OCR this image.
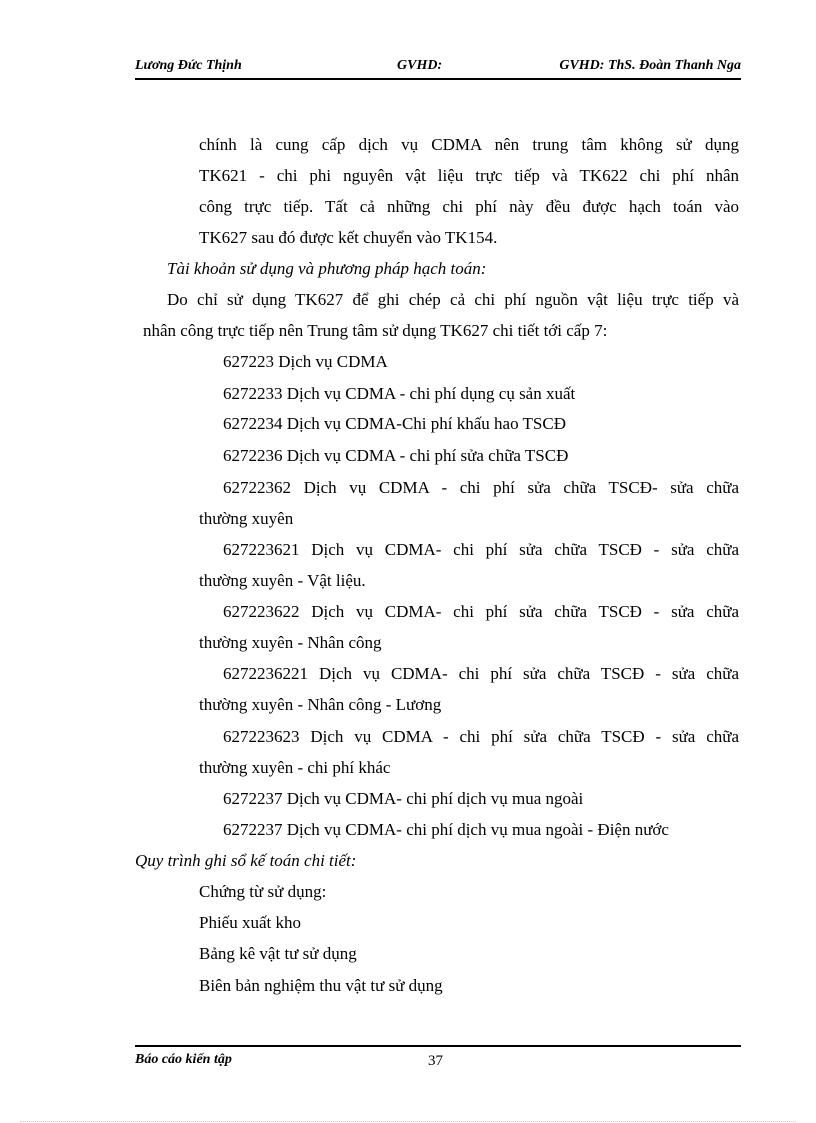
Lương Đức Thịnh	GVHD:	GVHD: ThS. Đoàn Thanh Nga
chính là cung cấp dịch vụ CDMA nên trung tâm không sử dụng
TK621 - chi phi nguyên vật liệu trực tiếp và TK622 chi phí nhân
công trực tiếp. Tất cả những chi phí này đều được hạch toán vào
TK627 sau đó được kết chuyển vào TK154.
Tài khoản sử dụng và phương pháp hạch toán:
Do chỉ sử dụng TK627 để ghi chép cả chi phí nguồn vật liệu trực tiếp và
nhân công trực tiếp nên Trung tâm sử dụng TK627 chi tiết tới cấp 7:
627223 Dịch vụ CDMA
6272233 Dịch vụ CDMA - chi phí dụng cụ sản xuất
6272234 Dịch vụ CDMA-Chi phí khấu hao TSCĐ
6272236 Dịch vụ CDMA - chi phí sửa chữa TSCĐ
62722362 Dịch vụ CDMA - chi phí sửa chữa TSCĐ- sửa chữa
thường xuyên
627223621 Dịch vụ CDMA- chi phí sửa chữa TSCĐ - sửa chữa
thường xuyên - Vật liệu.
627223622 Dịch vụ CDMA- chi phí sửa chữa TSCĐ - sửa chữa
thường xuyên - Nhân công
6272236221 Dịch vụ CDMA- chi phí sửa chữa TSCĐ - sửa chữa
thường xuyên - Nhân công - Lương
627223623 Dịch vụ CDMA - chi phí sửa chữa TSCĐ - sửa chữa
thường xuyên - chi phí khác
6272237 Dịch vụ CDMA- chi phí dịch vụ mua ngoài
6272237 Dịch vụ CDMA- chi phí dịch vụ mua ngoài - Điện nước
Quy trình ghi sổ kế toán chi tiết:
Chứng từ sử dụng:
Phiếu xuất kho
Bảng kê vật tư sử dụng
Biên bản nghiệm thu vật tư sử dụng
Báo cáo kiến tập	37
